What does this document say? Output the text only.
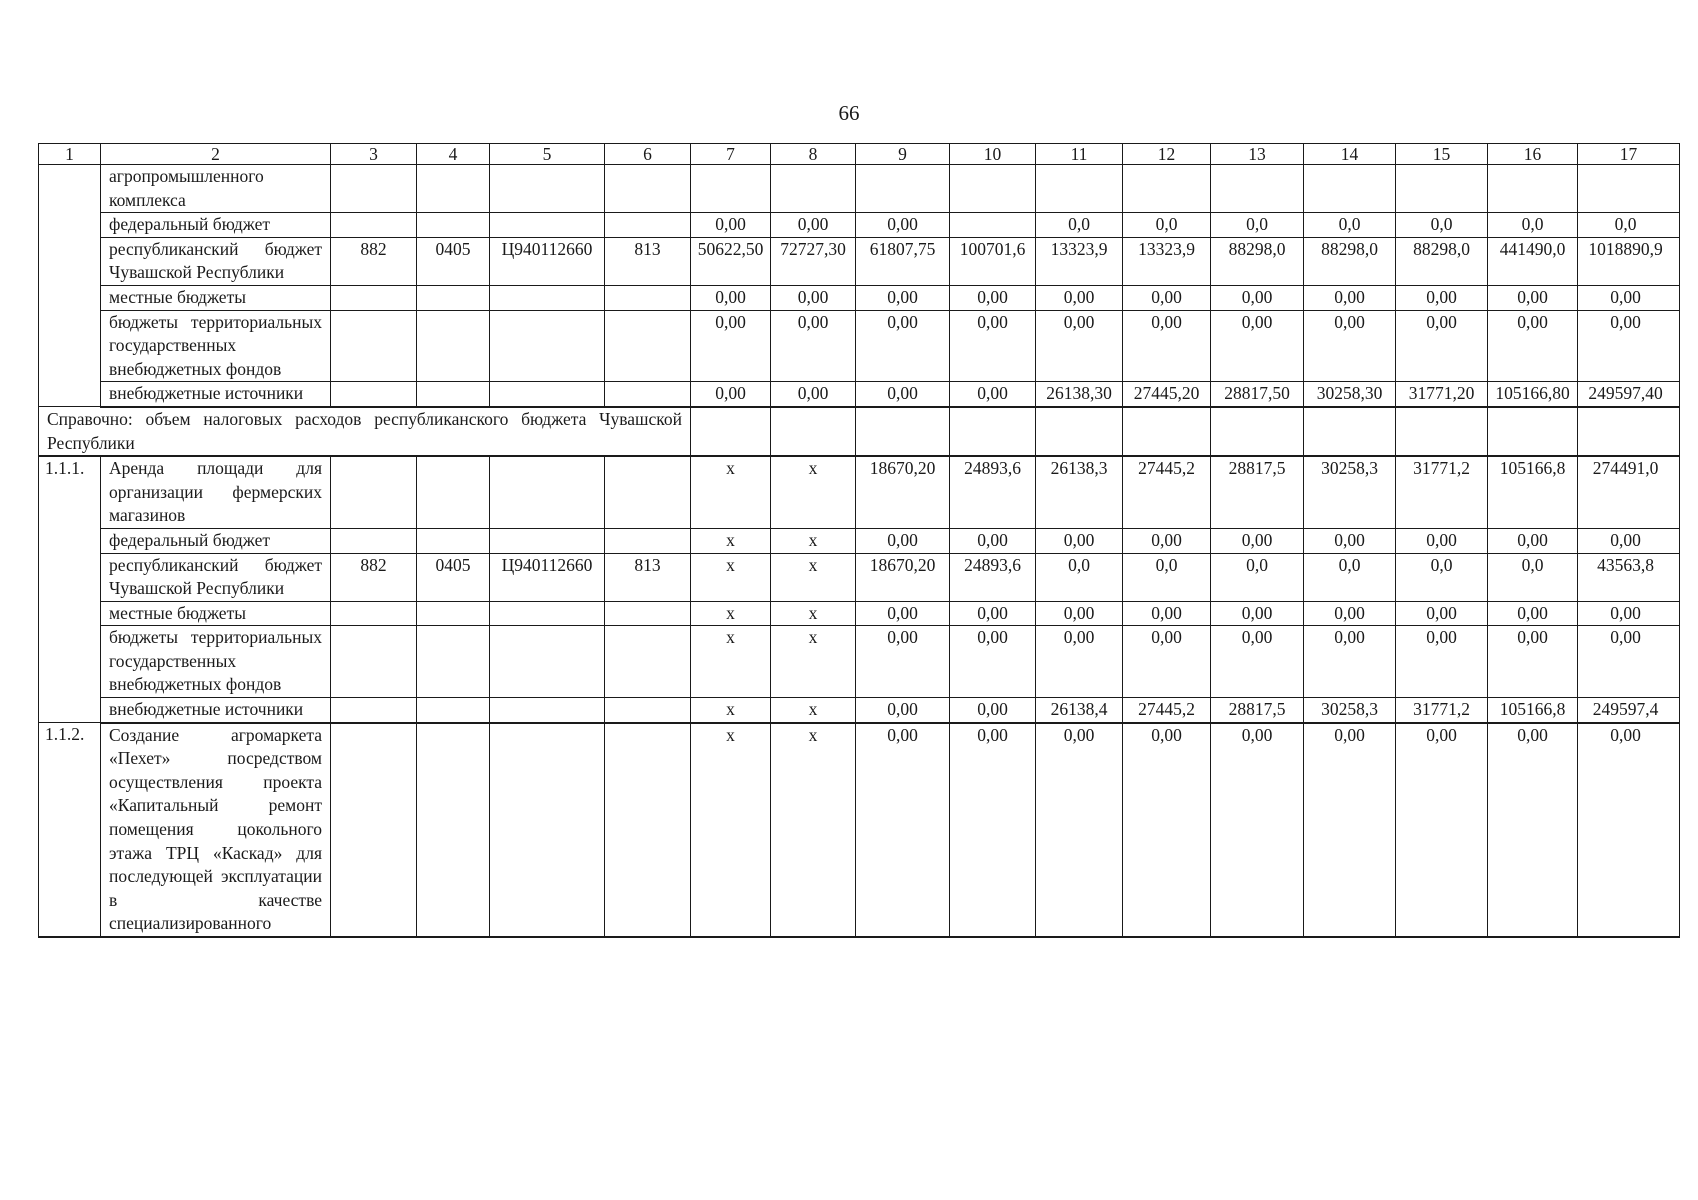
66
1	2	3	4	5	6	7	8	9	10	11	12	13	14	15	16	17
	агропромышленного комплекса															
	федеральный бюджет					0,00	0,00	0,00		0,0	0,0	0,0	0,0	0,0	0,0	0,0
	республиканский бюджет Чувашской Республики	882	0405	Ц940112660	813	50622,50	72727,30	61807,75	100701,6	13323,9	13323,9	88298,0	88298,0	88298,0	441490,0	1018890,9
	местные бюджеты					0,00	0,00	0,00	0,00	0,00	0,00	0,00	0,00	0,00	0,00	0,00
	бюджеты территориальных государственных внебюджетных фондов					0,00	0,00	0,00	0,00	0,00	0,00	0,00	0,00	0,00	0,00	0,00
	внебюджетные источники					0,00	0,00	0,00	0,00	26138,30	27445,20	28817,50	30258,30	31771,20	105166,80	249597,40
Справочно: объем налоговых расходов республиканского бюджета Чувашской Республики																
1.1.1.	Аренда площади для организации фермерских магазинов					x	x	18670,20	24893,6	26138,3	27445,2	28817,5	30258,3	31771,2	105166,8	274491,0
	федеральный бюджет					x	x	0,00	0,00	0,00	0,00	0,00	0,00	0,00	0,00	0,00
	республиканский бюджет Чувашской Республики	882	0405	Ц940112660	813	x	x	18670,20	24893,6	0,0	0,0	0,0	0,0	0,0	0,0	43563,8
	местные бюджеты					x	x	0,00	0,00	0,00	0,00	0,00	0,00	0,00	0,00	0,00
	бюджеты территориальных государственных внебюджетных фондов					x	x	0,00	0,00	0,00	0,00	0,00	0,00	0,00	0,00	0,00
	внебюджетные источники					x	x	0,00	0,00	26138,4	27445,2	28817,5	30258,3	31771,2	105166,8	249597,4
1.1.2.	Создание агромаркета «Пехет» посредством осуществления проекта «Капитальный ремонт помещения цокольного этажа ТРЦ «Каскад» для последующей эксплуатации в качестве специализированного					x	x	0,00	0,00	0,00	0,00	0,00	0,00	0,00	0,00	0,00
